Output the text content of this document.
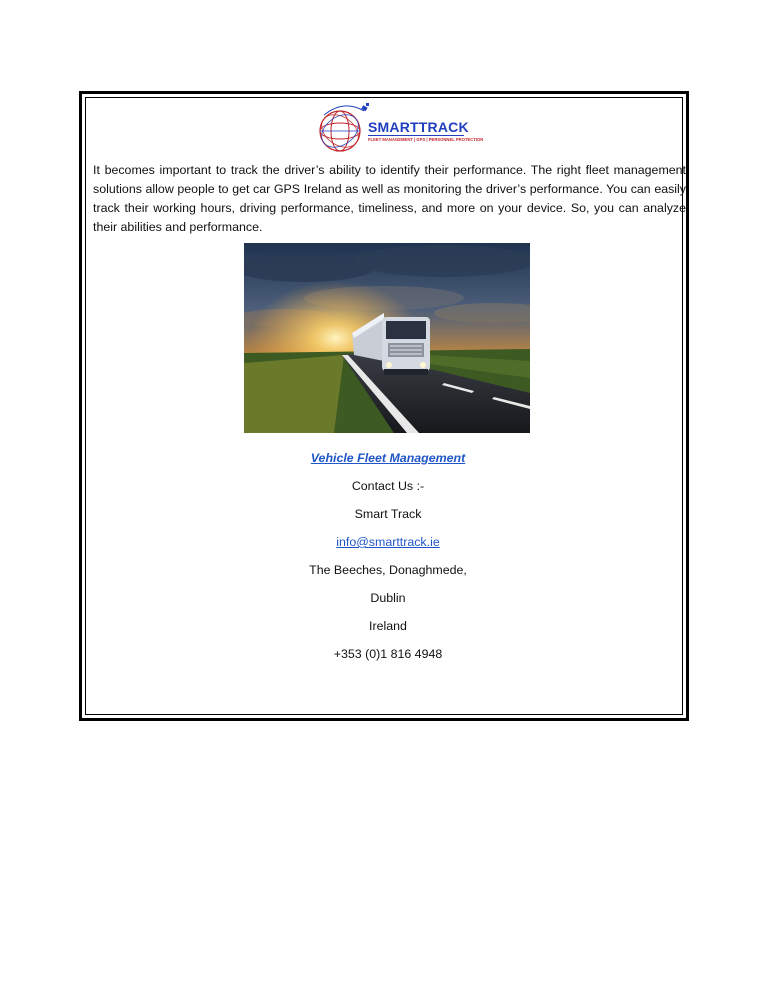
SMARTTRACK
FLEET MANAGEMENT | GPS | PERSONNEL PROTECTION

It becomes important to track the driver’s ability to identify their performance. The right fleet management solutions allow people to get car GPS Ireland as well as monitoring the driver’s performance. You can easily track their working hours, driving performance, timeliness, and more on your device. So, you can analyze their abilities and performance.

Vehicle Fleet Management

Contact Us :-

Smart Track

info@smarttrack.ie

The Beeches, Donaghmede,

Dublin

Ireland

+353 (0)1 816 4948
